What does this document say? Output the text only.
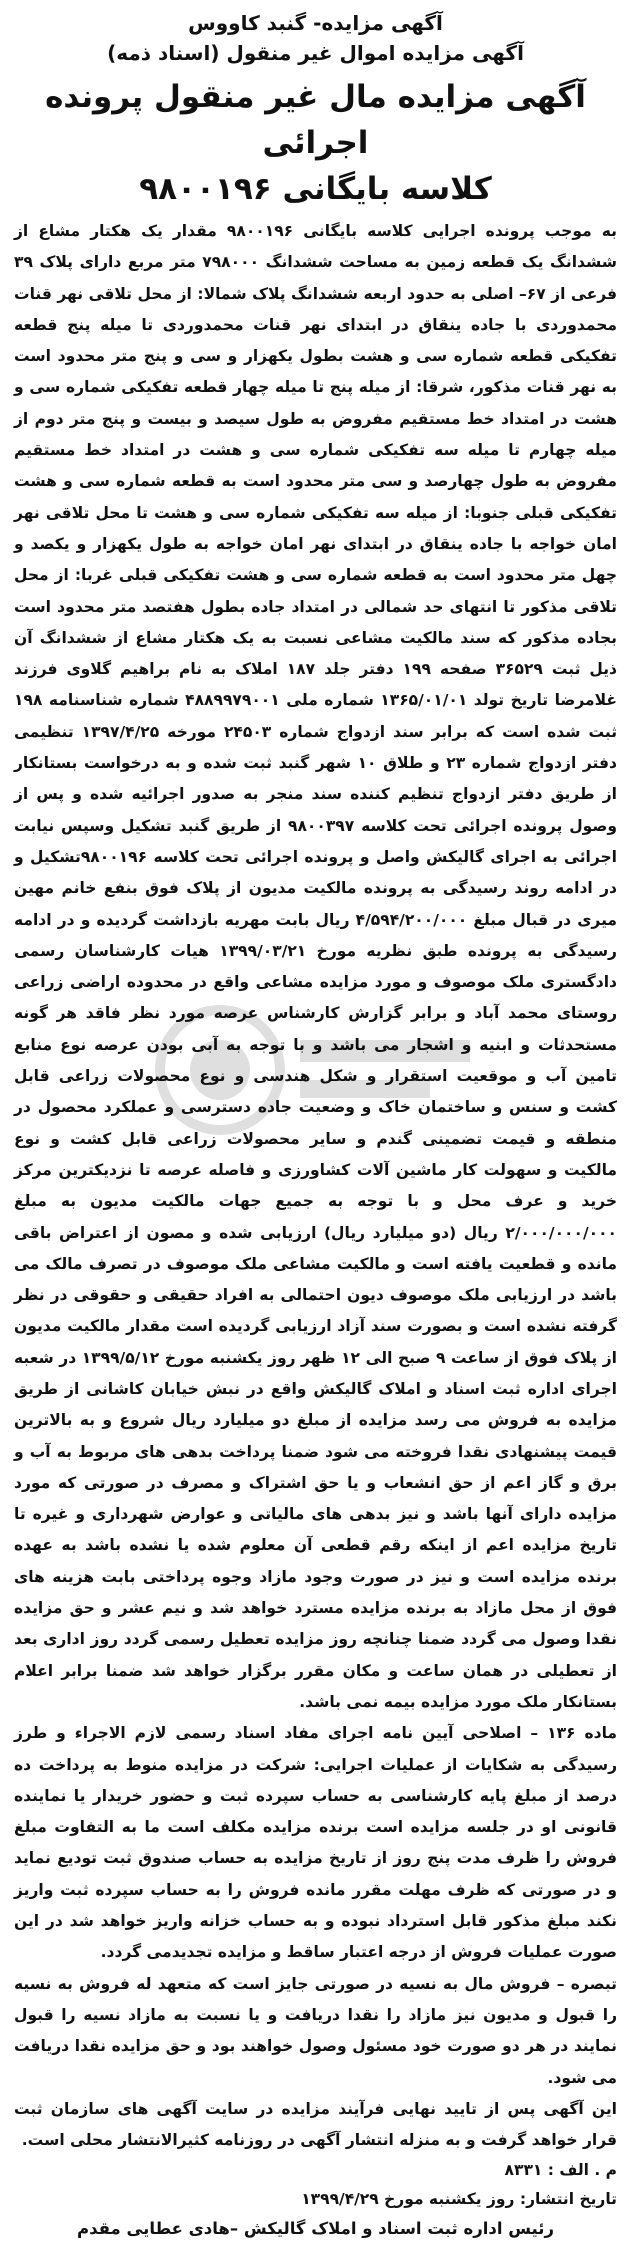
آگهی مزایده- گنبد کاووس
آگهی مزایده اموال غیر منقول (اسناد ذمه)
آگهی مزایده مال غیر منقول پرونده اجرائی
کلاسه بایگانی ۹۸۰۰۱۹۶

به موجب پرونده اجرایی کلاسه بایگانی ۹۸۰۰۱۹۶ مقدار یک هکتار مشاع از ششدانگ یک قطعه زمین به مساحت ششدانگ ۷۹۸۰۰۰ متر مربع دارای پلاک ۳۹ فرعی از ۶۷– اصلی به حدود اربعه ششدانگ پلاک شمالا: از محل تلاقی نهر قنات محمدوردی با جاده ینقاق در ابتدای نهر قنات محمدوردی تا میله پنج قطعه تفکیکی قطعه شماره سی و هشت بطول یکهزار و سی و پنج متر محدود است به نهر قنات مذکور، شرقا: از میله پنج تا میله چهار قطعه تفکیکی شماره سی و هشت در امتداد خط مستقیم مفروض به طول سیصد و بیست و پنج متر دوم از میله چهارم تا میله سه تفکیکی شماره سی و هشت در امتداد خط مستقیم مفروض به طول چهارصد و سی متر محدود است به قطعه شماره سی و هشت تفکیکی قبلی جنوبا: از میله سه تفکیکی شماره سی و هشت تا محل تلاقی نهر امان خواجه با جاده ینقاق در ابتدای نهر امان خواجه به طول یکهزار و یکصد و چهل متر محدود است به قطعه شماره سی و هشت تفکیکی قبلی غربا: از محل تلاقی مذکور تا انتهای حد شمالی در امتداد جاده بطول هفتصد متر محدود است بجاده مذکور که سند مالکیت مشاعی نسبت به یک هکتار مشاع از ششدانگ آن ذیل ثبت ۳۶۵۲۹ صفحه ۱۹۹ دفتر جلد ۱۸۷ املاک به نام براهیم گلاوی فرزند غلامرضا تاریخ تولد ۱۳۶۵/۰۱/۰۱ شماره ملی ۴۸۸۹۹۷۹۰۰۱ شماره شناسنامه ۱۹۸ ثبت شده است که برابر سند ازدواج شماره ۲۴۵۰۳ مورخه ۱۳۹۷/۴/۲۵ تنظیمی دفتر ازدواج شماره ۲۳ و طلاق ۱۰ شهر گنبد ثبت شده و به درخواست بستانکار از طریق دفتر ازدواج تنظیم کننده سند منجر به صدور اجرائیه شده و پس از وصول پرونده اجرائی تحت کلاسه ۹۸۰۰۳۹۷ از طریق گنبد تشکیل وسپس نیابت اجرائی به اجرای گالیکش واصل و پرونده اجرائی تحت کلاسه ۹۸۰۰۱۹۶تشکیل و در ادامه روند رسیدگی به پرونده مالکیت مدیون از پلاک فوق بنفع خانم مهین میری در قبال مبلغ ۴/۵۹۴/۲۰۰/۰۰۰ ریال بابت مهریه بازداشت گردیده و در ادامه رسیدگی به پرونده طبق نظریه مورخ ۱۳۹۹/۰۳/۲۱ هیات کارشناسان رسمی دادگستری ملک موصوف و مورد مزایده مشاعی واقع در محدوده اراضی زراعی روستای محمد آباد و برابر گزارش کارشناس عرصه مورد نظر فاقد هر گونه مستحدثات و ابنیه و اشجار می باشد و با توجه به آبی بودن عرصه نوع منابع تامین آب و موقعیت استقرار و شکل هندسی و نوع محصولات زراعی قابل کشت و سنس و ساختمان خاک و وضعیت جاده دسترسی و عملکرد محصول در منطقه و قیمت تضمینی گندم و سایر محصولات زراعی قابل کشت و نوع مالکیت و سهولت کار ماشین آلات کشاورزی و فاصله عرصه تا نزدیکترین مرکز خرید و عرف محل و با توجه به جمیع جهات مالکیت مدیون به مبلغ ۲/۰۰۰/۰۰۰/۰۰۰ ریال (دو میلیارد ریال) ارزیابی شده و مصون از اعتراض باقی مانده و قطعیت یافته است و مالکیت مشاعی ملک موصوف در تصرف مالک می باشد در ارزیابی ملک موصوف دیون احتمالی به افراد حقیقی و حقوقی در نظر گرفته نشده است و بصورت سند آزاد ارزیابی گردیده است مقدار مالکیت مدیون از پلاک فوق از ساعت ۹ صبح الی ۱۲ ظهر روز یکشنبه مورخ ۱۳۹۹/۵/۱۲ در شعبه اجرای اداره ثبت اسناد و املاک گالیکش واقع در نبش خیابان کاشانی از طریق مزایده به فروش می رسد مزایده از مبلغ دو میلیارد ریال شروع و به بالاترین قیمت پیشنهادی نقدا فروخته می شود ضمنا پرداخت بدهی های مربوط به آب و برق و گاز اعم از حق انشعاب و یا حق اشتراک و مصرف در صورتی که مورد مزایده دارای آنها باشد و نیز بدهی های مالیاتی و عوارض شهرداری و غیره تا تاریخ مزایده اعم از اینکه رقم قطعی آن معلوم شده یا نشده باشد به عهده برنده مزایده است و نیز در صورت وجود مازاد وجوه پرداختی بابت هزینه های فوق از محل مازاد به برنده مزایده مسترد خواهد شد و نیم عشر و حق مزایده نقدا وصول می گردد ضمنا چنانچه روز مزایده تعطیل رسمی گردد روز اداری بعد از تعطیلی در همان ساعت و مکان مقرر برگزار خواهد شد ضمنا برابر اعلام بستانکار ملک مورد مزایده بیمه نمی باشد.

ماده ۱۳۶ – اصلاحی آیین نامه اجرای مفاد اسناد رسمی لازم الاجراء و طرز رسیدگی به شکایات از عملیات اجرایی: شرکت در مزایده منوط به پرداخت ده درصد از مبلغ پایه کارشناسی به حساب سپرده ثبت و حضور خریدار یا نماینده قانونی او در جلسه مزایده است برنده مزایده مکلف است ما به التفاوت مبلغ فروش را ظرف مدت پنج روز از تاریخ مزایده به حساب صندوق ثبت تودیع نماید و در صورتی که ظرف مهلت مقرر مانده فروش را به حساب سپرده ثبت واریز نکند مبلغ مذکور قابل استرداد نبوده و به حساب خزانه واریز خواهد شد در این صورت عملیات فروش از درجه اعتبار ساقط و مزایده تجدیدمی گردد.

تبصره – فروش مال به نسیه در صورتی جایز است که متعهد له فروش به نسیه را قبول و مدیون نیز مازاد را نقدا دریافت و یا نسبت به مازاد نسیه را قبول نمایند در هر دو صورت خود مسئول وصول خواهند بود و حق مزایده نقدا دریافت می شود.

این آگهی پس از تایید نهایی فرآیند مزایده در سایت آگهی های سازمان ثبت قرار خواهد گرفت و به منزله انتشار آگهی در روزنامه کثیرالانتشار محلی است.

م . الف : ۸۳۳۱
تاریخ انتشار: روز یکشنبه مورخ ۱۳۹۹/۴/۲۹
رئیس اداره ثبت اسناد و املاک گالیکش –هادی عطایی مقدم
